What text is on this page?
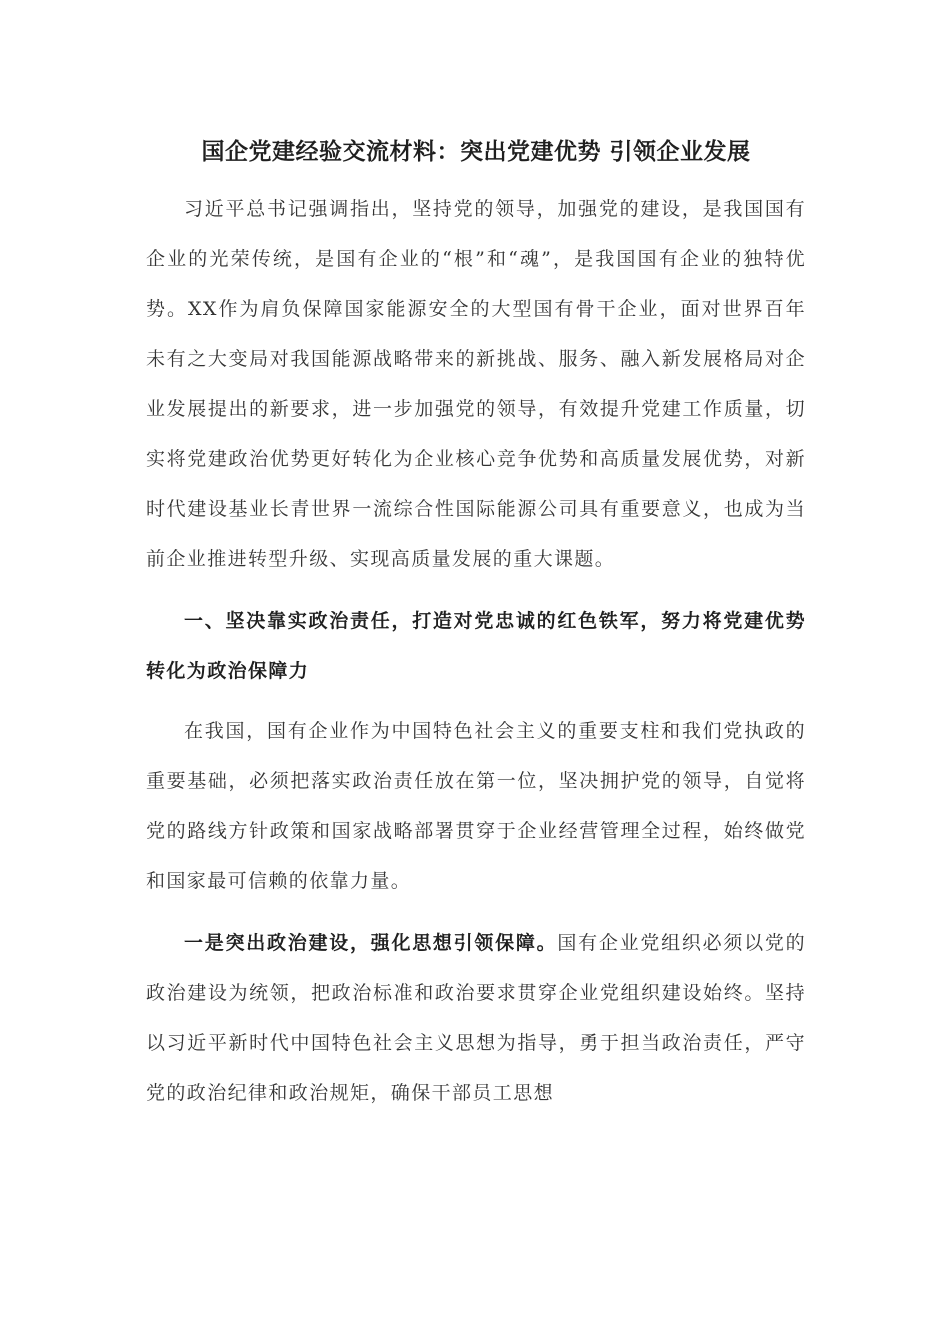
国企党建经验交流材料：突出党建优势 引领企业发展

习近平总书记强调指出，坚持党的领导，加强党的建设，是我国国有企业的光荣传统，是国有企业的“根”和“魂”，是我国国有企业的独特优势。XX作为肩负保障国家能源安全的大型国有骨干企业，面对世界百年未有之大变局对我国能源战略带来的新挑战、服务、融入新发展格局对企业发展提出的新要求，进一步加强党的领导，有效提升党建工作质量，切实将党建政治优势更好转化为企业核心竞争优势和高质量发展优势，对新时代建设基业长青世界一流综合性国际能源公司具有重要意义，也成为当前企业推进转型升级、实现高质量发展的重大课题。

一、坚决靠实政治责任，打造对党忠诚的红色铁军，努力将党建优势转化为政治保障力

在我国，国有企业作为中国特色社会主义的重要支柱和我们党执政的重要基础，必须把落实政治责任放在第一位，坚决拥护党的领导，自觉将党的路线方针政策和国家战略部署贯穿于企业经营管理全过程，始终做党和国家最可信赖的依靠力量。

一是突出政治建设，强化思想引领保障。国有企业党组织必须以党的政治建设为统领，把政治标准和政治要求贯穿企业党组织建设始终。坚持以习近平新时代中国特色社会主义思想为指导，勇于担当政治责任，严守党的政治纪律和政治规矩，确保干部员工思想
